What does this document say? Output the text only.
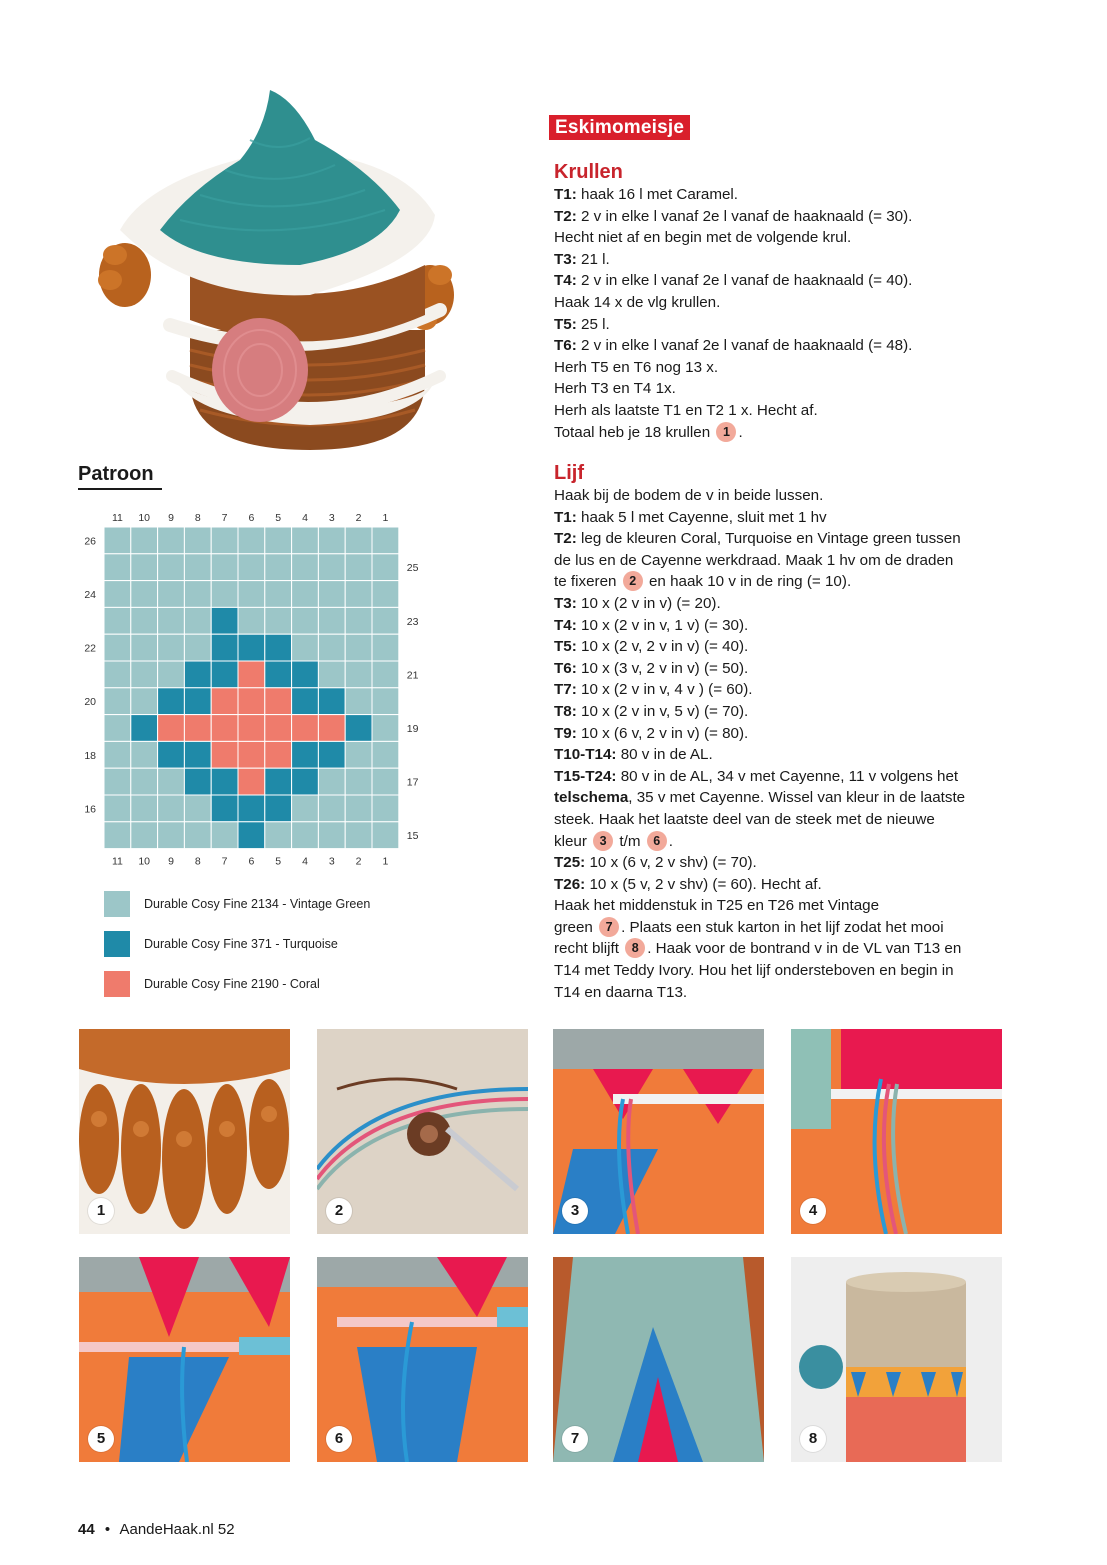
Eskimomeisje
Krullen
T1: haak 16 l met Caramel.
T2: 2 v in elke l vanaf 2e l vanaf de haaknaald (= 30).
Hecht niet af en begin met de volgende krul.
T3: 21 l.
T4: 2 v in elke l vanaf 2e l vanaf de haaknaald (= 40).
Haak 14 x de vlg krullen.
T5: 25 l.
T6: 2 v in elke l vanaf 2e l vanaf de haaknaald (= 48).
Herh T5 en T6 nog 13 x.
Herh T3 en T4 1x.
Herh als laatste T1 en T2 1 x. Hecht af.
Totaal heb je 18 krullen 1 .
Lijf
Haak bij de bodem de v in beide lussen.
T1: haak 5 l met Cayenne, sluit met 1 hv
T2: leg de kleuren Coral, Turquoise en Vintage green tussen
de lus en de Cayenne werkdraad. Maak 1 hv om de draden
te fixeren 2 en haak 10 v in de ring (= 10).
T3: 10 x (2 v in v) (= 20).
T4: 10 x (2 v in v, 1 v) (= 30).
T5: 10 x (2 v, 2 v in v) (= 40).
T6: 10 x (3 v, 2 v in v) (= 50).
T7: 10 x (2 v in v, 4 v ) (= 60).
T8: 10 x (2 v in v, 5 v) (= 70).
T9: 10 x (6 v, 2 v in v) (= 80).
T10-T14: 80 v in de AL.
T15-T24: 80 v in de AL, 34 v met Cayenne, 11 v volgens het
telschema, 35 v met Cayenne. Wissel van kleur in de laatste
steek. Haak het laatste deel van de steek met de nieuwe
kleur 3 t/m 6 .
T25: 10 x (6 v, 2 v shv) (= 70).
T26: 10 x (5 v, 2 v shv) (= 60). Hecht af.
Haak het middenstuk in T25 en T26 met Vintage
green 7 . Plaats een stuk karton in het lijf zodat het mooi
recht blijft 8 . Haak voor de bontrand v in de VL van T13 en
T14 met Teddy Ivory. Hou het lijf ondersteboven en begin in
T14 en daarna T13.
Patroon
11
11
10
10
9
9
8
8
7
7
6
6
5
5
4
4
3
3
2
2
1
1
26
24
22
20
18
16
25
23
21
19
17
15
Durable Cosy Fine 2134 - Vintage Green
Durable Cosy Fine 371 - Turquoise
Durable Cosy Fine 2190 - Coral
1	2	3	4
5	6	7	8
44 • AandeHaak.nl 52
